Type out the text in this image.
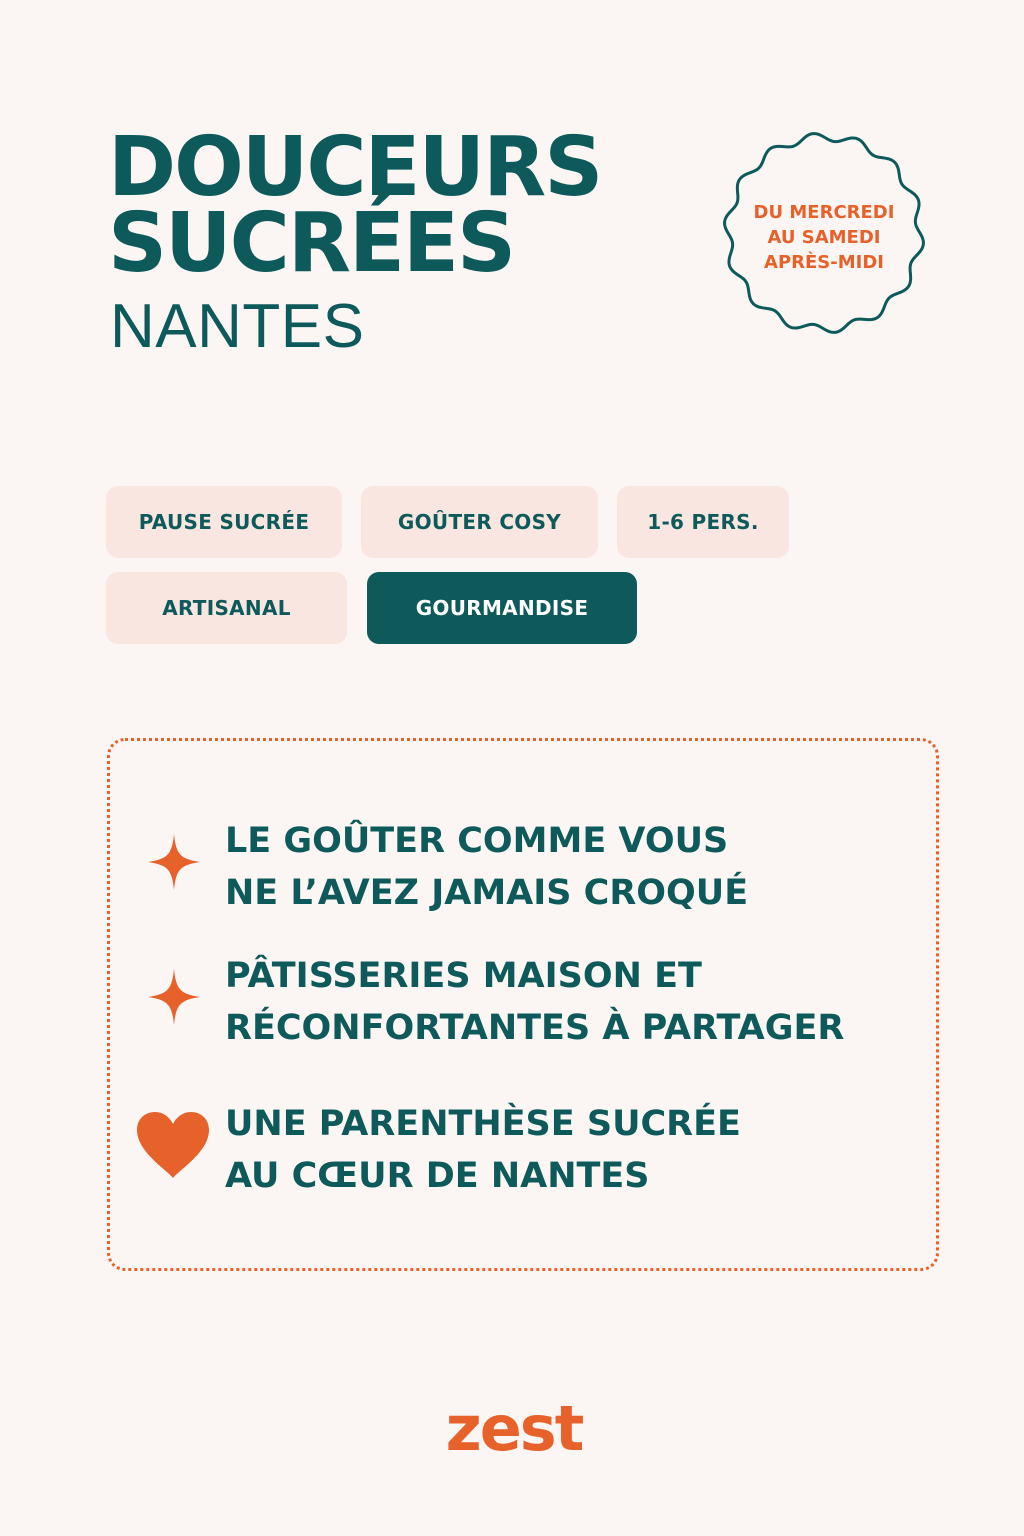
DOUCEURS
SUCRÉES
NANTES
DU MERCREDI
AU SAMEDI
APRÈS-MIDI
PAUSE SUCRÉE	GOÛTER COSY	1-6 PERS.
ARTISANAL	GOURMANDISE
LE GOÛTER COMME VOUS
NE L’AVEZ JAMAIS CROQUÉ
PÂTISSERIES MAISON ET
RÉCONFORTANTES À PARTAGER
UNE PARENTHÈSE SUCRÉE
AU CŒUR DE NANTES
zest
